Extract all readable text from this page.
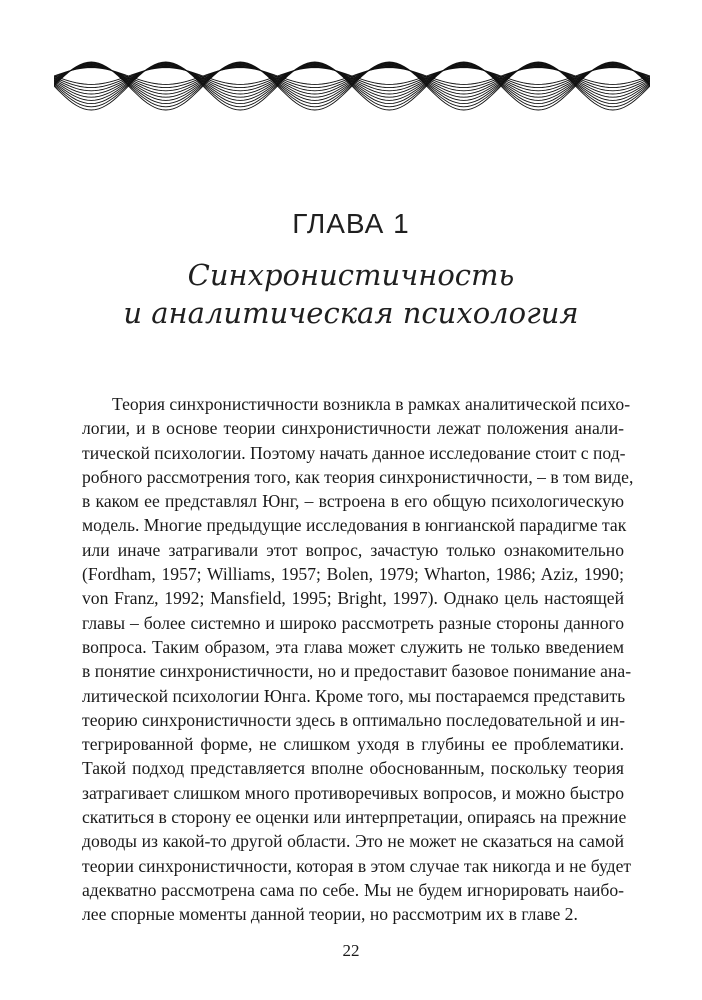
ГЛАВА 1
Синхронистичность
и аналитическая психология
Теория синхронистичности возникла в рамках аналитической психо-
логии, и в основе теории синхронистичности лежат положения анали-
тической психологии. Поэтому начать данное исследование стоит с под-
робного рассмотрения того, как теория синхронистичности, – в том виде,
в каком ее представлял Юнг, – встроена в его общую психологическую
модель. Многие предыдущие исследования в юнгианской парадигме так
или иначе затрагивали этот вопрос, зачастую только ознакомительно
(Fordham, 1957; Williams, 1957; Bolen, 1979; Wharton, 1986; Aziz, 1990;
von Franz, 1992; Mansfield, 1995; Bright, 1997). Однако цель настоящей
главы – более системно и широко рассмотреть разные стороны данного
вопроса. Таким образом, эта глава может служить не только введением
в понятие синхронистичности, но и предоставит базовое понимание ана-
литической психологии Юнга. Кроме того, мы постараемся представить
теорию синхронистичности здесь в оптимально последовательной и ин-
тегрированной форме, не слишком уходя в глубины ее проблематики.
Такой подход представляется вполне обоснованным, поскольку теория
затрагивает слишком много противоречивых вопросов, и можно быстро
скатиться в сторону ее оценки или интерпретации, опираясь на прежние
доводы из какой-то другой области. Это не может не сказаться на самой
теории синхронистичности, которая в этом случае так никогда и не будет
адекватно рассмотрена сама по себе. Мы не будем игнорировать наибо-
лее спорные моменты данной теории, но рассмотрим их в главе 2.
22
